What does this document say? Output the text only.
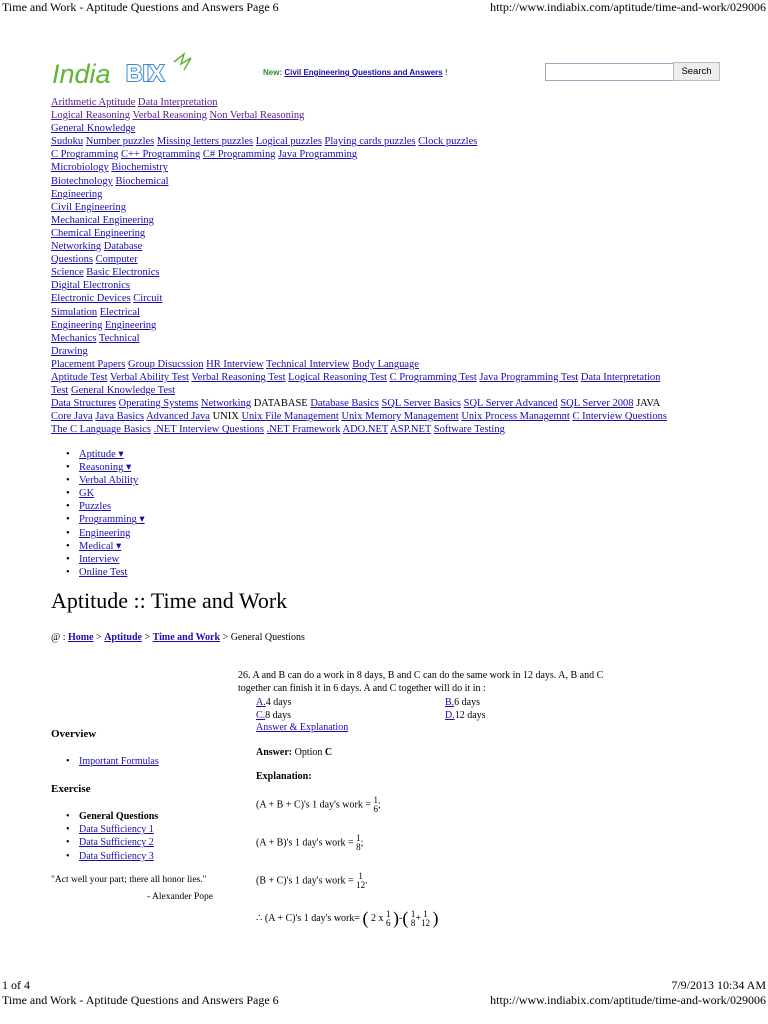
Time and Work - Aptitude Questions and Answers Page 6	http://www.indiabix.com/aptitude/time-and-work/029006
India BIX	New: Civil Engineering Questions and Answers !	Search
Arithmetic Aptitude Data Interpretation
Logical Reasoning Verbal Reasoning Non Verbal Reasoning
General Knowledge
Sudoku Number puzzles Missing letters puzzles Logical puzzles Playing cards puzzles Clock puzzles
C Programming C++ Programming C# Programming Java Programming
Microbiology Biochemistry
Biotechnology Biochemical
Engineering
Civil Engineering
Mechanical Engineering
Chemical Engineering
Networking Database
Questions Computer
Science Basic Electronics
Digital Electronics
Electronic Devices Circuit
Simulation Electrical
Engineering Engineering
Mechanics Technical
Drawing
Placement Papers Group Disucssion HR Interview Technical Interview Body Language
Aptitude Test Verbal Ability Test Verbal Reasoning Test Logical Reasoning Test C Programming Test Java Programming Test Data Interpretation
Test General Knowledge Test
Data Structures Operating Systems Networking DATABASE Database Basics SQL Server Basics SQL Server Advanced SQL Server 2008 JAVA
Core Java Java Basics Advanced Java UNIX Unix File Management Unix Memory Management Unix Process Managemnt C Interview Questions
The C Language Basics .NET Interview Questions .NET Framework ADO.NET ASP.NET Software Testing
• Aptitude ▾
• Reasoning ▾
• Verbal Ability
• GK
• Puzzles
• Programming ▾
• Engineering
• Medical ▾
• Interview
• Online Test
Aptitude :: Time and Work
@ : Home > Aptitude > Time and Work > General Questions
Overview
• Important Formulas
Exercise
• General Questions
• Data Sufficiency 1
• Data Sufficiency 2
• Data Sufficiency 3
"Act well your part; there all honor lies."
- Alexander Pope
26. A and B can do a work in 8 days, B and C can do the same work in 12 days. A, B and C together can finish it in 6 days. A and C together will do it in :
A.4 days	B.6 days
C.8 days	D.12 days
Answer & Explanation
Answer: Option C
Explanation:
(A + B + C)'s 1 day's work = 1
6 ;
(A + B)'s 1 day's work = 1
8 ;
(B + C)'s 1 day's work = 1
12 .
∴ (A + C)'s 1 day's work= ( 2 x 1
6 )-( 1
8 + 1
12 )
1 of 4	7/9/2013 10:34 AM
Time and Work - Aptitude Questions and Answers Page 6	http://www.indiabix.com/aptitude/time-and-work/029006
